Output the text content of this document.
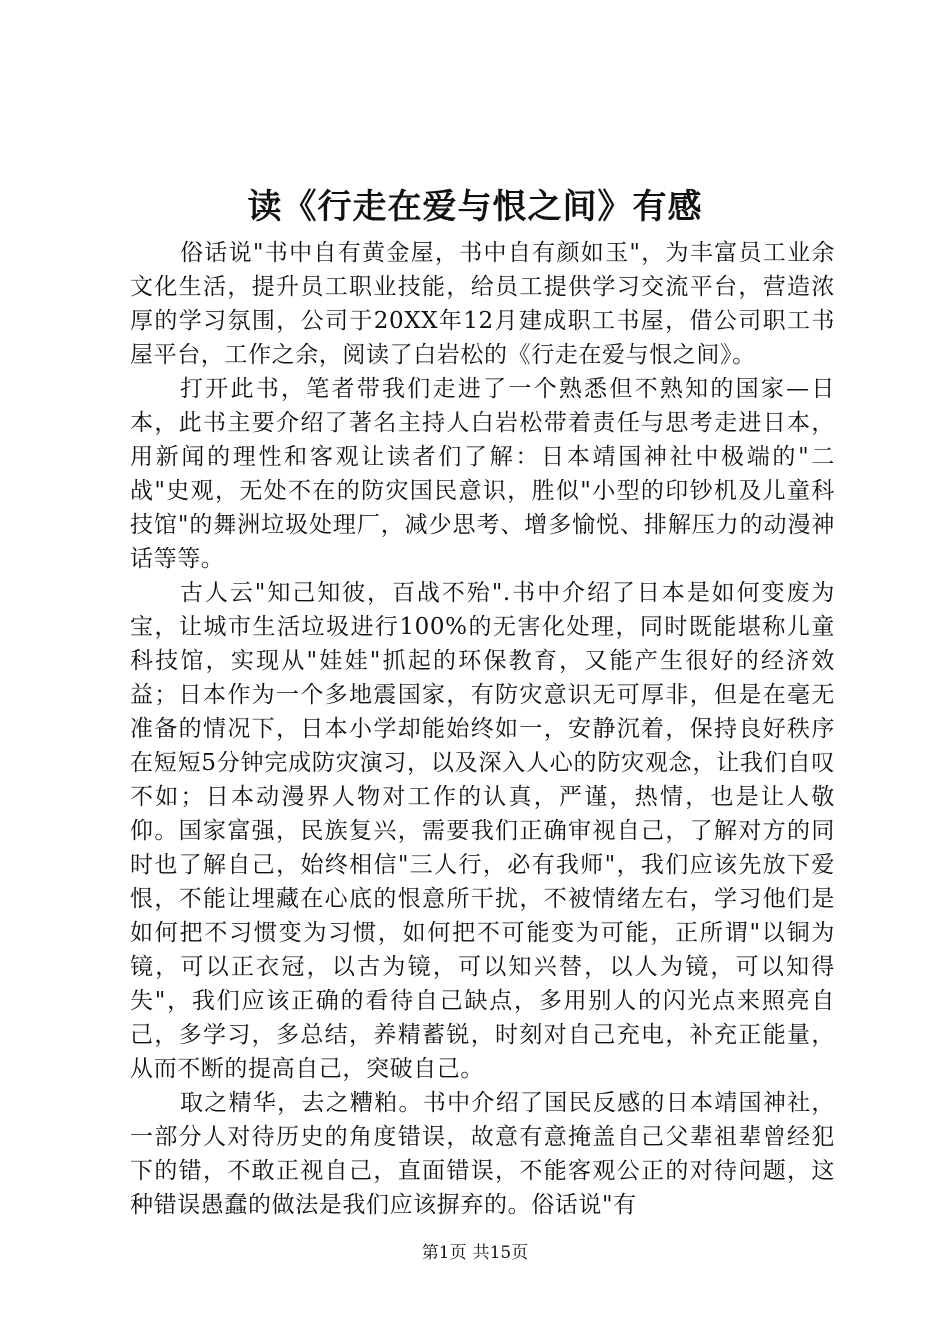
读《行走在爱与恨之间》有感

俗话说"书中自有黄金屋，书中自有颜如玉"，为丰富员工业余文化生活，提升员工职业技能，给员工提供学习交流平台，营造浓厚的学习氛围，公司于20XX年12月建成职工书屋，借公司职工书屋平台，工作之余，阅读了白岩松的《行走在爱与恨之间》。

打开此书，笔者带我们走进了一个熟悉但不熟知的国家—日本，此书主要介绍了著名主持人白岩松带着责任与思考走进日本，用新闻的理性和客观让读者们了解：日本靖国神社中极端的"二战"史观，无处不在的防灾国民意识，胜似"小型的印钞机及儿童科技馆"的舞洲垃圾处理厂，减少思考、增多愉悦、排解压力的动漫神话等等。

古人云"知己知彼，百战不殆".书中介绍了日本是如何变废为宝，让城市生活垃圾进行100%的无害化处理，同时既能堪称儿童科技馆，实现从"娃娃"抓起的环保教育，又能产生很好的经济效益；日本作为一个多地震国家，有防灾意识无可厚非，但是在毫无准备的情况下，日本小学却能始终如一，安静沉着，保持良好秩序在短短5分钟完成防灾演习，以及深入人心的防灾观念，让我们自叹不如；日本动漫界人物对工作的认真，严谨，热情，也是让人敬仰。国家富强，民族复兴，需要我们正确审视自己，了解对方的同时也了解自己，始终相信"三人行，必有我师"，我们应该先放下爱恨，不能让埋藏在心底的恨意所干扰，不被情绪左右，学习他们是如何把不习惯变为习惯，如何把不可能变为可能，正所谓"以铜为镜，可以正衣冠，以古为镜，可以知兴替，以人为镜，可以知得失"，我们应该正确的看待自己缺点，多用别人的闪光点来照亮自己，多学习，多总结，养精蓄锐，时刻对自己充电，补充正能量，从而不断的提高自己，突破自己。

取之精华，去之糟粕。书中介绍了国民反感的日本靖国神社，一部分人对待历史的角度错误，故意有意掩盖自己父辈祖辈曾经犯下的错，不敢正视自己，直面错误，不能客观公正的对待问题，这种错误愚蠢的做法是我们应该摒弃的。俗话说"有

第1页 共15页
